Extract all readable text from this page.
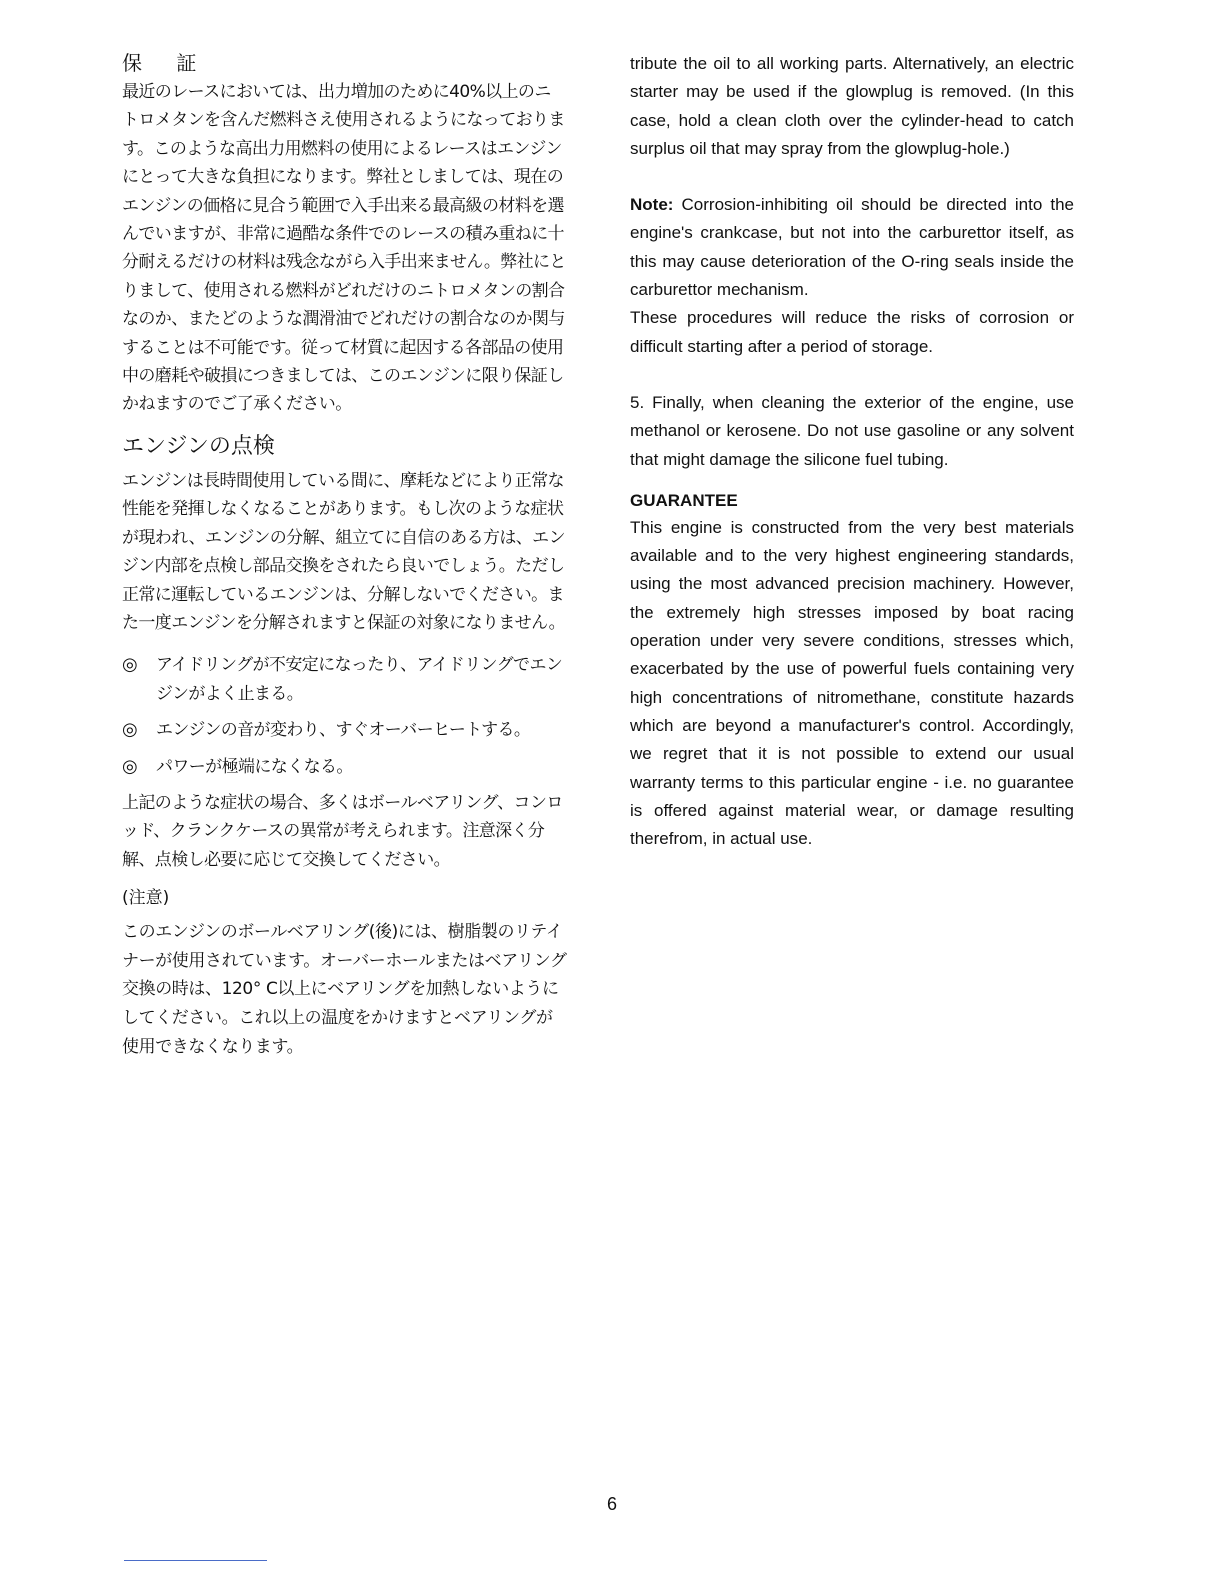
保 証

最近のレースにおいては、出力増加のために40%以上のニトロメタンを含んだ燃料さえ使用されるようになっております。このような高出力用燃料の使用によるレースはエンジンにとって大きな負担になります。弊社としましては、現在のエンジンの価格に見合う範囲で入手出来る最高級の材料を選んでいますが、非常に過酷な条件でのレースの積み重ねに十分耐えるだけの材料は残念ながら入手出来ません。弊社にとりまして、使用される燃料がどれだけのニトロメタンの割合なのか、またどのような潤滑油でどれだけの割合なのか関与することは不可能です。従って材質に起因する各部品の使用中の磨耗や破損につきましては、このエンジンに限り保証しかねますのでご了承ください。

エンジンの点検

エンジンは長時間使用している間に、摩耗などにより正常な性能を発揮しなくなることがあります。もし次のような症状が現われ、エンジンの分解、組立てに自信のある方は、エンジン内部を点検し部品交換をされたら良いでしょう。ただし正常に運転しているエンジンは、分解しないでください。また一度エンジンを分解されますと保証の対象になりません。

◎ アイドリングが不安定になったり、アイドリングでエンジンがよく止まる。
◎ エンジンの音が変わり、すぐオーバーヒートする。
◎ パワーが極端になくなる。

上記のような症状の場合、多くはボールベアリング、コンロッド、クランクケースの異常が考えられます。注意深く分解、点検し必要に応じて交換してください。

(注意)

このエンジンのボールベアリング(後)には、樹脂製のリテイナーが使用されています。オーバーホールまたはベアリング交換の時は、120° C以上にベアリングを加熱しないようにしてください。これ以上の温度をかけますとベアリングが使用できなくなります。

tribute the oil to all working parts. Alternatively, an electric starter may be used if the glowplug is removed. (In this case, hold a clean cloth over the cylinder-head to catch surplus oil that may spray from the glowplug-hole.)

Note: Corrosion-inhibiting oil should be directed into the engine's crankcase, but not into the carburettor itself, as this may cause deterioration of the O-ring seals inside the carburettor mechanism.

These procedures will reduce the risks of corrosion or difficult starting after a period of storage.

5. Finally, when cleaning the exterior of the engine, use methanol or kerosene. Do not use gasoline or any solvent that might damage the silicone fuel tubing.

GUARANTEE

This engine is constructed from the very best materials available and to the very highest engineering standards, using the most advanced precision machinery. However, the extremely high stresses imposed by boat racing operation under very severe conditions, stresses which, exacerbated by the use of powerful fuels containing very high concentrations of nitromethane, constitute hazards which are beyond a manufacturer's control. Accordingly, we regret that it is not possible to extend our usual warranty terms to this particular engine - i.e. no guarantee is offered against material wear, or damage resulting therefrom, in actual use.

6
